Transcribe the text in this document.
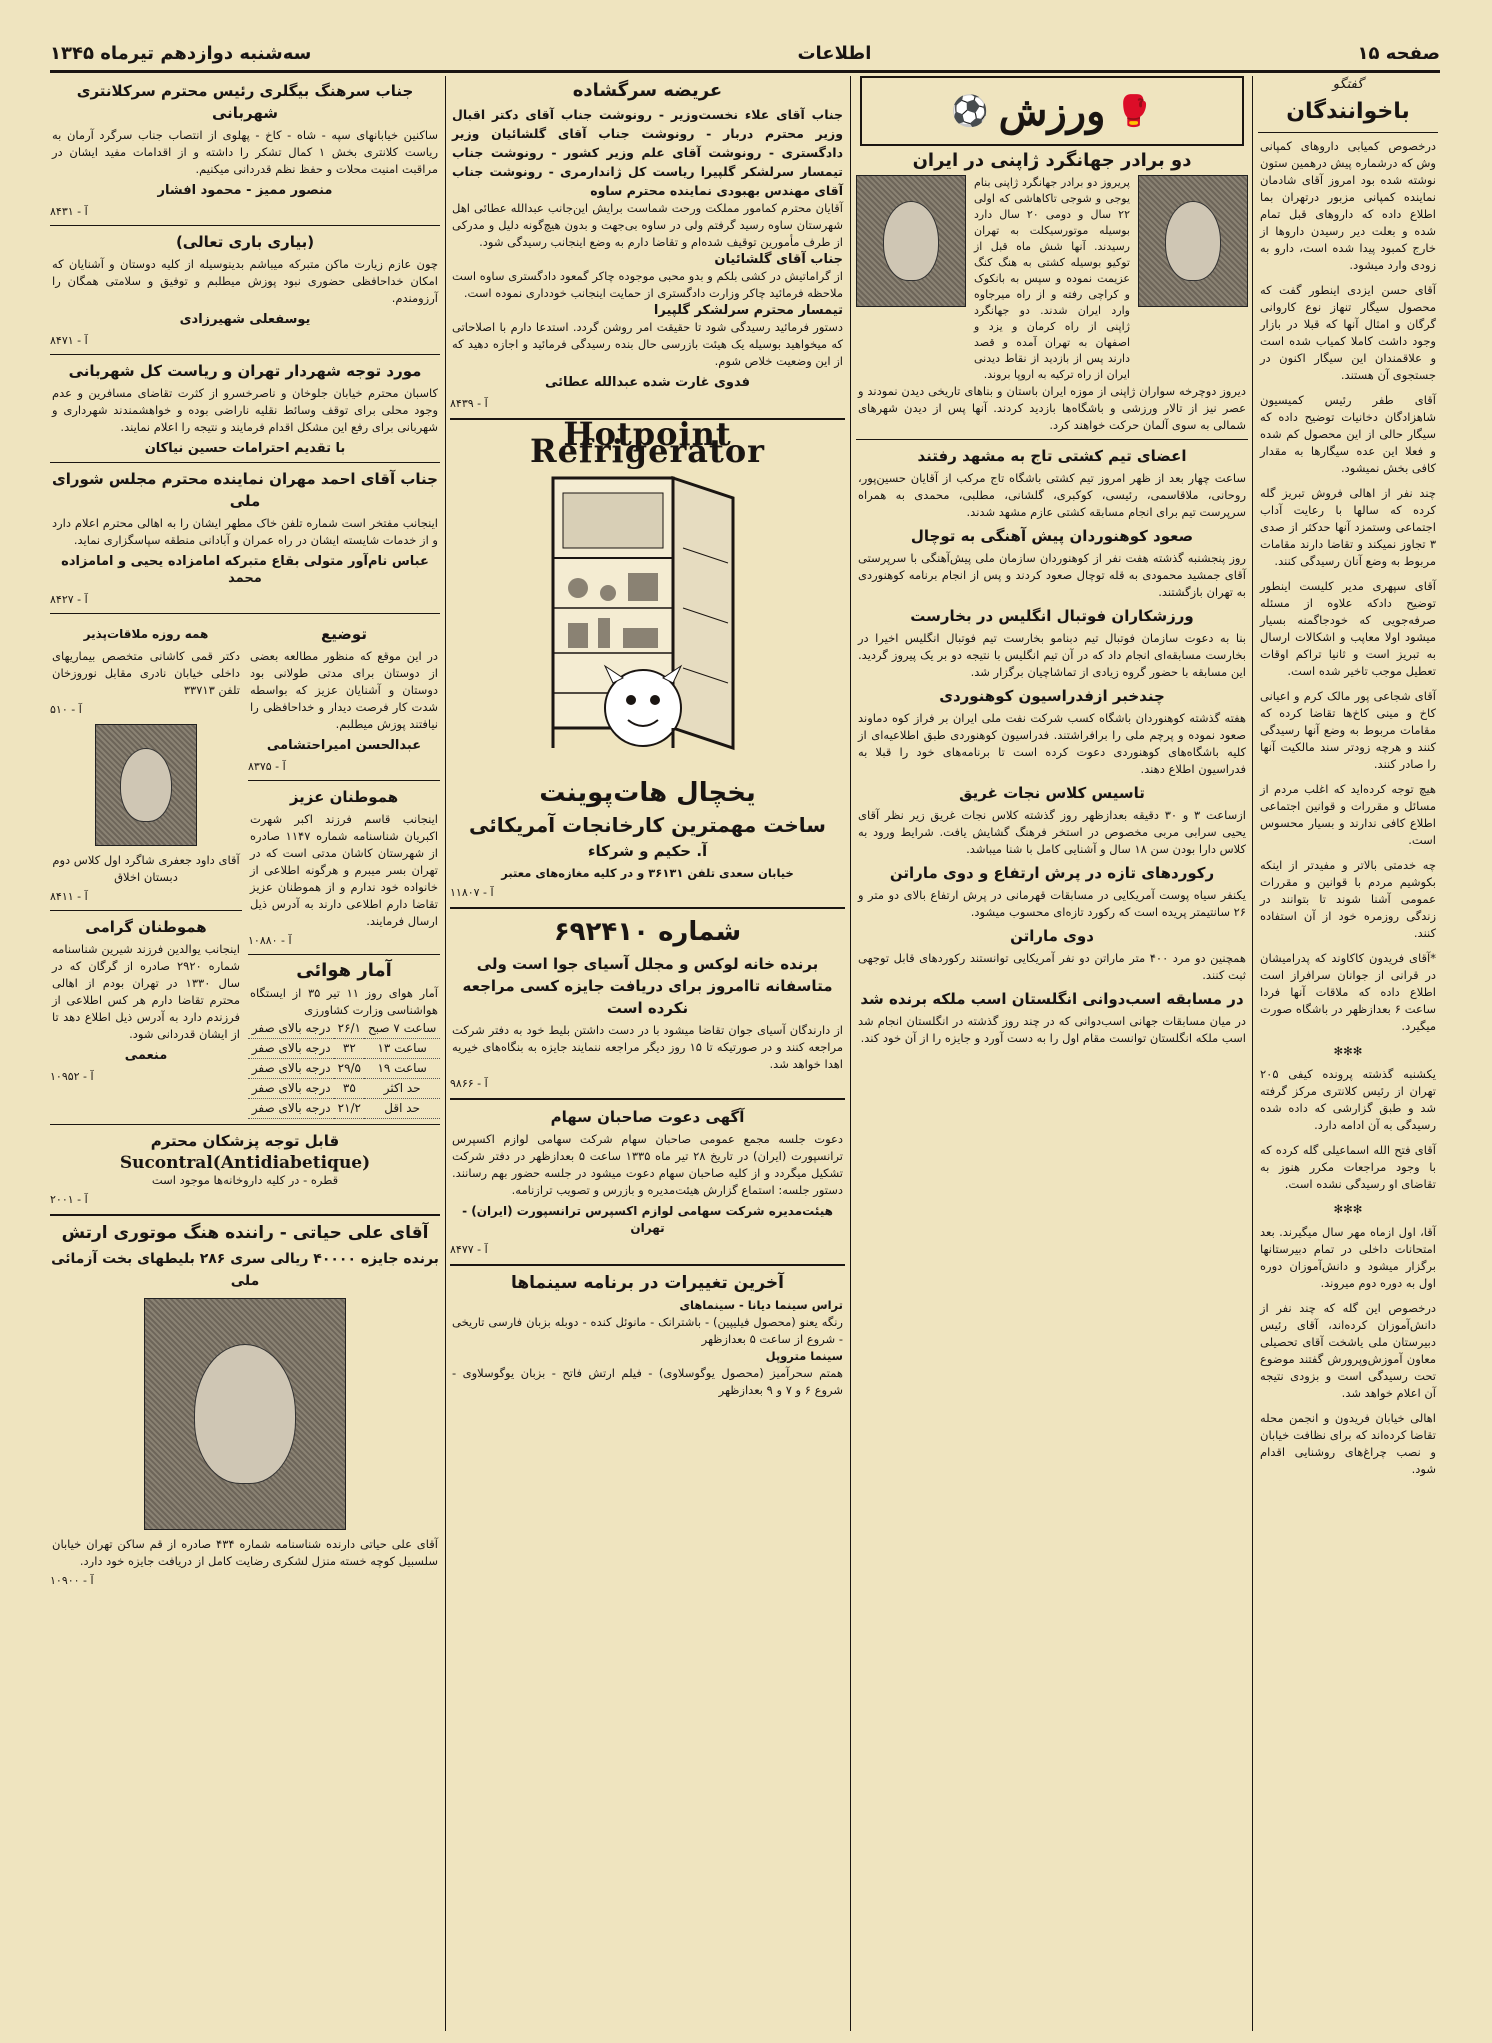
صفحه ۱۵
اطلاعات
سه‌شنبه دوازدهم تیرماه ۱۳۴۵
گفتگو
باخوانندگان

درخصوص کمیابی داروهای کمپانی وش که درشماره پیش درهمین ستون نوشته شده بود امروز آقای شادمان نماینده کمپانی مزبور درتهران بما اطلاع داده که داروهای قبل تمام شده و بعلت دیر رسیدن داروها از خارج کمبود پیدا شده است، دارو به زودی وارد میشود.

آقای حسن ایزدی اینطور گفت که محصول سیگار تنهاز نوع کاروانی گرگان و امثال آنها که قبلا در بازار وجود داشت کاملا کمیاب شده است و علاقمندان این سیگار اکنون در جستجوی آن هستند.

آقای طفر رئیس کمیسیون شاهزادگان دخانیات توضیح داده که سیگار حالی از این محصول کم شده و فعلا این عده سیگارها به مقدار کافی بخش نمیشود.

چند نفر از اهالی فروش تبریز گله کرده که سالها با رعایت آداب اجتماعی وستمزد آنها حدکثر از صدی ۳ تجاوز نمیکند و تقاضا دارند مقامات مربوط به وضع آنان رسیدگی کنند.

آقای سپهری مدیر کلیست اینطور توضیح دادکه علاوه از مسئله صرفه‌جویی که خودجاگمنه بسیار میشود اولا معاپب و اشکالات ارسال به تبریز است و ثانیا تراکم اوقات تعطیل موجب تاخیر شده است.

آقای شجاعی پور مالک کرم و اعیانی کاخ و مینی کاخ‌ها تقاضا کرده که مقامات مربوط به وضع آنها رسیدگی کنند و هرچه زودتر سند مالکیت آنها را صادر کنند.

هیچ توجه کرده‌اید که اغلب مردم از مسائل و مقررات و قوانین اجتماعی اطلاع کافی ندارند و بسیار محسوس است.

چه خدمتی بالاتر و مفیدتر از اینکه بکوشیم مردم با قوانین و مقررات عمومی آشنا شوند تا بتوانند در زندگی روزمره خود از آن استفاده کنند.

*آقای فریدون کاکاوند که پدرامیشان در قرانی از جوانان سرافراز است اطلاع داده که ملاقات آنها فردا ساعت ۶ بعدازظهر در باشگاه صورت میگیرد.

✻✻✻

یکشنبه گذشته پرونده کیفی ۲۰۵ تهران از رئیس کلانتری مرکز گرفته شد و طبق گزارشی که داده شده رسیدگی به آن ادامه دارد.

آقای فتح الله اسماعیلی گله کرده که با وجود مراجعات مکرر هنوز به تقاضای او رسیدگی نشده است.

✻✻✻

آقا، اول ازماه مهر سال میگیرند. بعد امتحانات داخلی در تمام دبیرستانها برگزار میشود و دانش‌آموزان دوره اول به دوره دوم میروند.

درخصوص این گله که چند نفر از دانش‌آموزان کرده‌اند، آقای رئیس دبیرستان ملی یاشخت آقای تحصیلی معاون آموزش‌وپرورش گفتند موضوع تحت رسیدگی است و بزودی نتیجه آن اعلام خواهد شد.

اهالی خیابان فریدون و انجمن محله تقاضا کرده‌اند که برای نظافت خیابان و نصب چراغ‌های روشنایی اقدام شود.

🥊
ورزش
⚽
دو برادر جهانگرد ژاپنی در ایران
پریروز دو برادر جهانگرد ژاپنی بنام یوجی و شوجی تاکاهاشی که اولی ۲۲ سال و دومی ۲۰ سال دارد بوسیله موتورسیکلت به تهران رسیدند. آنها شش ماه قبل از توکیو بوسیله کشتی به هنگ کنگ عزیمت نموده و سپس به بانکوک و کراچی رفته و از راه میرجاوه وارد ایران شدند. دو جهانگرد ژاپنی از راه کرمان و یزد و اصفهان به تهران آمده و قصد دارند پس از بازدید از نقاط دیدنی ایران از راه ترکیه به اروپا بروند.
دیروز دوچرخه سواران ژاپنی از موزه ایران باستان و بناهای تاریخی دیدن نمودند و عصر نیز از تالار ورزشی و باشگاه‌ها بازدید کردند. آنها پس از دیدن شهرهای شمالی به سوی آلمان حرکت خواهند کرد.
اعضای تیم کشتی تاج به مشهد رفتند
ساعت چهار بعد از ظهر امروز تیم کشتی باشگاه تاج مرکب از آقایان حسین‌پور، روحانی، ملاقاسمی، رئیسی، کوکبری، گلشانی، مطلبی، محمدی به همراه سرپرست تیم برای انجام مسابقه کشتی عازم مشهد شدند.
صعود کوهنوردان پیش آهنگی به توچال
روز پنجشنبه گذشته هفت نفر از کوهنوردان سازمان ملی پیش‌آهنگی با سرپرستی آقای جمشید محمودی به قله توچال صعود کردند و پس از انجام برنامه کوهنوردی به تهران بازگشتند.
ورزشکاران فوتبال انگلیس در بخارست
بنا به دعوت سازمان فوتبال تیم دبنامو بخارست تیم فوتبال انگلیس اخیرا در بخارست مسابقه‌ای انجام داد که در آن تیم انگلیس با نتیجه دو بر یک پیروز گردید. این مسابقه با حضور گروه زیادی از تماشاچیان برگزار شد.
چندخبر ازفدراسیون کوهنوردی
هفته گذشته کوهنوردان باشگاه کسب شرکت نفت ملی ایران بر فراز کوه دماوند صعود نموده و پرچم ملی را برافراشتند. فدراسیون کوهنوردی طبق اطلاعیه‌ای از کلیه باشگاه‌های کوهنوردی دعوت کرده است تا برنامه‌های خود را قبلا به فدراسیون اطلاع دهند.
تاسیس کلاس نجات غریق
ازساعت ۳ و ۳۰ دقیقه بعدازظهر روز گذشته کلاس نجات غریق زیر نظر آقای یحیی سرابی مربی مخصوص در استخر فرهنگ گشایش یافت. شرایط ورود به کلاس دارا بودن سن ۱۸ سال و آشنایی کامل با شنا میباشد.
رکوردهای تازه در پرش ارتفاع و دوی ماراتن
یکنفر سیاه پوست آمریکایی در مسابقات قهرمانی در پرش ارتفاع بالای دو متر و ۲۶ سانتیمتر پریده است که رکورد تازه‌ای محسوب میشود.
دوی ماراتن
همچنین دو مرد ۴۰۰ متر ماراتن دو نفر آمریکایی توانستند رکوردهای قابل توجهی ثبت کنند.
در مسابقه اسب‌دوانی انگلستان اسب ملکه برنده شد
در میان مسابقات جهانی اسب‌دوانی که در چند روز گذشته در انگلستان انجام شد اسب ملکه انگلستان توانست مقام اول را به دست آورد و جایزه را از آن خود کند.
عریضه سرگشاده
جناب آقای علاء نخست‌وزیر - رونوشت جناب آقای دکتر اقبال وزیر محترم دربار - رونوشت جناب آقای گلشائیان وزیر دادگستری - رونوشت آقای علم وزیر کشور - رونوشت جناب تیمسار سرلشکر گلپیرا ریاست کل ژاندارمری - رونوشت جناب آقای مهندس بهبودی نماینده محترم ساوه
آقایان محترم کمامور مملکت ورحت شماست برایش این‌جانب عبدالله عطائی اهل شهرستان ساوه رسید گرفتم ولی در ساوه بی‌جهت و بدون هیچ‌گونه دلیل و مدرکی از طرف مأمورین توقیف شده‌ام و تقاضا دارم به وضع اینجانب رسیدگی شود.
جناب آقای گلشائیان
از گراماتیش در کشی بلکم و بدو محبی موجوده چاکر گمعود دادگستری ساوه است ملاحظه فرمائید چاکر وزارت دادگستری از حمایت اینجانب خودداری نموده است.
تیمسار محترم سرلشکر گلپیرا
دستور فرمائید رسیدگی شود تا حقیقت امر روشن گردد. استدعا دارم با اصلاحاتی که میخواهید بوسیله یک هیئت بازرسی حال بنده رسیدگی فرمائید و اجازه دهید که از این وضعیت خلاص شوم.
فدوی غارت شده عبدالله عطائی
آ - ۸۴۳۹
Hotpoint Refrigerator
یخچال هات‌پوینت
ساخت مهمترین کارخانجات آمریکائی
آ. حکیم و شرکاء
خیابان سعدی تلفن ۳۶۱۳۱ و در کلیه مغازه‌های معتبر
آ - ۱۱۸۰۷
شماره ۶۹۲۴۱۰
برنده خانه لوکس و مجلل آسیای جوا است ولی متاسفانه تاامروز برای دریافت جایزه کسی مراجعه نکرده است
از دارندگان آسیای جوان تقاضا میشود با در دست داشتن بلیط خود به دفتر شرکت مراجعه کنند و در صورتیکه تا ۱۵ روز دیگر مراجعه ننمایند جایزه به بنگاه‌های خیریه اهدا خواهد شد.
آ - ۹۸۶۶
آگهی دعوت صاحبان سهام
دعوت جلسه مجمع عمومی صاحبان سهام شرکت سهامی لوازم اکسپرس ترانسپورت (ایران) در تاریخ ۲۸ تیر ماه ۱۳۳۵ ساعت ۵ بعدازظهر در دفتر شرکت تشکیل میگردد و از کلیه صاحبان سهام دعوت میشود در جلسه حضور بهم رسانند. دستور جلسه: استماع گزارش هیئت‌مدیره و بازرس و تصویب ترازنامه.
هیئت‌مدیره شرکت سهامی لوازم اکسپرس ترانسپورت (ایران) - تهران
آ - ۸۴۷۷
آخرین تغییرات در برنامه سینماها
تراس سینما دیانا - سینماهای
رنگه یعنو (محصول فیلیپین) - باشترانک - مانوئل کنده - دوبله بزبان فارسی تاریخی - شروع از ساعت ۵ بعدازظهر
سینما متروپل
همتم سحرآمیز (محصول یوگوسلاوی) - فیلم ارتش فاتح - بزبان یوگوسلاوی - شروع ۶ و ۷ و ۹ بعدازظهر
جناب سرهنگ بیگلری رئیس محترم سرکلانتری شهربانی
ساکنین خیابانهای سپه - شاه - کاخ - پهلوی از انتصاب جناب سرگرد آرمان به ریاست کلانتری بخش ۱ کمال تشکر را داشته و از اقدامات مفید ایشان در مراقبت امنیت محلات و حفظ نظم قدردانی میکنیم.
منصور ممیز - محمود افشار
آ - ۸۴۳۱
(بیاری باری تعالی)
چون عازم زیارت ماکن متبرکه میباشم بدینوسیله از کلیه دوستان و آشنایان که امکان خداحافظی حضوری نبود پوزش میطلبم و توفیق و سلامتی همگان را آرزومندم.
یوسفعلی شهیرزادی
آ - ۸۴۷۱
مورد توجه شهردار تهران و ریاست کل شهربانی
کاسبان محترم خیابان جلوخان و ناصرخسرو از کثرت تقاضای مسافرین و عدم وجود محلی برای توقف وسائط نقلیه ناراضی بوده و خواهشمندند شهرداری و شهربانی برای رفع این مشکل اقدام فرمایند و نتیجه را اعلام نمایند.
با تقدیم احترامات حسین نیاکان
جناب آقای احمد مهران نماینده محترم مجلس شورای ملی
اینجانب مفتخر است شماره تلفن خاک مطهر ایشان را به اهالی محترم اعلام دارد و از خدمات شایسته ایشان در راه عمران و آبادانی منطقه سپاسگزاری نماید.
عباس نام‌آور متولی بقاع متبرکه امامزاده یحیی و امامزاده محمد
آ - ۸۴۲۷
توضیع
در این موقع که منظور مطالعه بعضی از دوستان برای مدتی طولانی بود دوستان و آشنایان عزیز که بواسطه شدت کار فرصت دیدار و خداحافظی را نیافتند پوزش میطلبم.
عبدالحسن امیراحتشامی
آ - ۸۳۷۵
هموطنان عزیز
اینجانب قاسم فرزند اکبر شهرت اکبریان شناسنامه شماره ۱۱۴۷ صادره از شهرستان کاشان مدتی است که در تهران بسر میبرم و هرگونه اطلاعی از خانواده خود ندارم و از هموطنان عزیز تقاضا دارم اطلاعی دارند به آدرس ذیل ارسال فرمایند.
آ - ۱۰۸۸۰
آمار هوائی
آمار هوای روز ۱۱ تیر ۳۵ از ایستگاه هواشناسی وزارت کشاورزی
ساعت ۷ صبح	۲۶/۱	درجه بالای صفر
ساعت ۱۳	۳۲	درجه بالای صفر
ساعت ۱۹	۲۹/۵	درجه بالای صفر
حد اکثر	۳۵	درجه بالای صفر
حد اقل	۲۱/۲	درجه بالای صفر
همه روزه ملاقات‌پذیر
دکتر قمی کاشانی متخصص بیماریهای داخلی خیابان نادری مقابل نوروزخان تلفن ۳۳۷۱۳
آ - ۵۱۰
آقای داود جعفری شاگرد اول کلاس دوم دبستان اخلاق
آ - ۸۴۱۱
هموطنان گرامی
اینجانب یوالدین فرزند شیرین شناسنامه شماره ۲۹۲۰ صادره از گرگان که در سال ۱۳۳۰ در تهران بودم از اهالی محترم تقاضا دارم هر کس اطلاعی از فرزندم دارد به آدرس ذیل اطلاع دهد تا از ایشان قدردانی شود.
منعمی
آ - ۱۰۹۵۲
قابل توجه پزشکان محترم
Sucontral(Antidiabetique)
قطره - در کلیه داروخانه‌ها موجود است
آ - ۲۰۰۱
آقای علی حیاتی - راننده هنگ موتوری ارتش
برنده جایزه ۴۰۰۰۰ ریالی سری ۲۸۶ بلیطهای بخت آزمائی ملی
آقای علی حیاتی دارنده شناسنامه شماره ۴۳۴ صادره از قم ساکن تهران خیابان سلسبیل کوچه خسته منزل لشکری رضایت کامل از دریافت جایزه خود دارد.
آ - ۱۰۹۰۰
